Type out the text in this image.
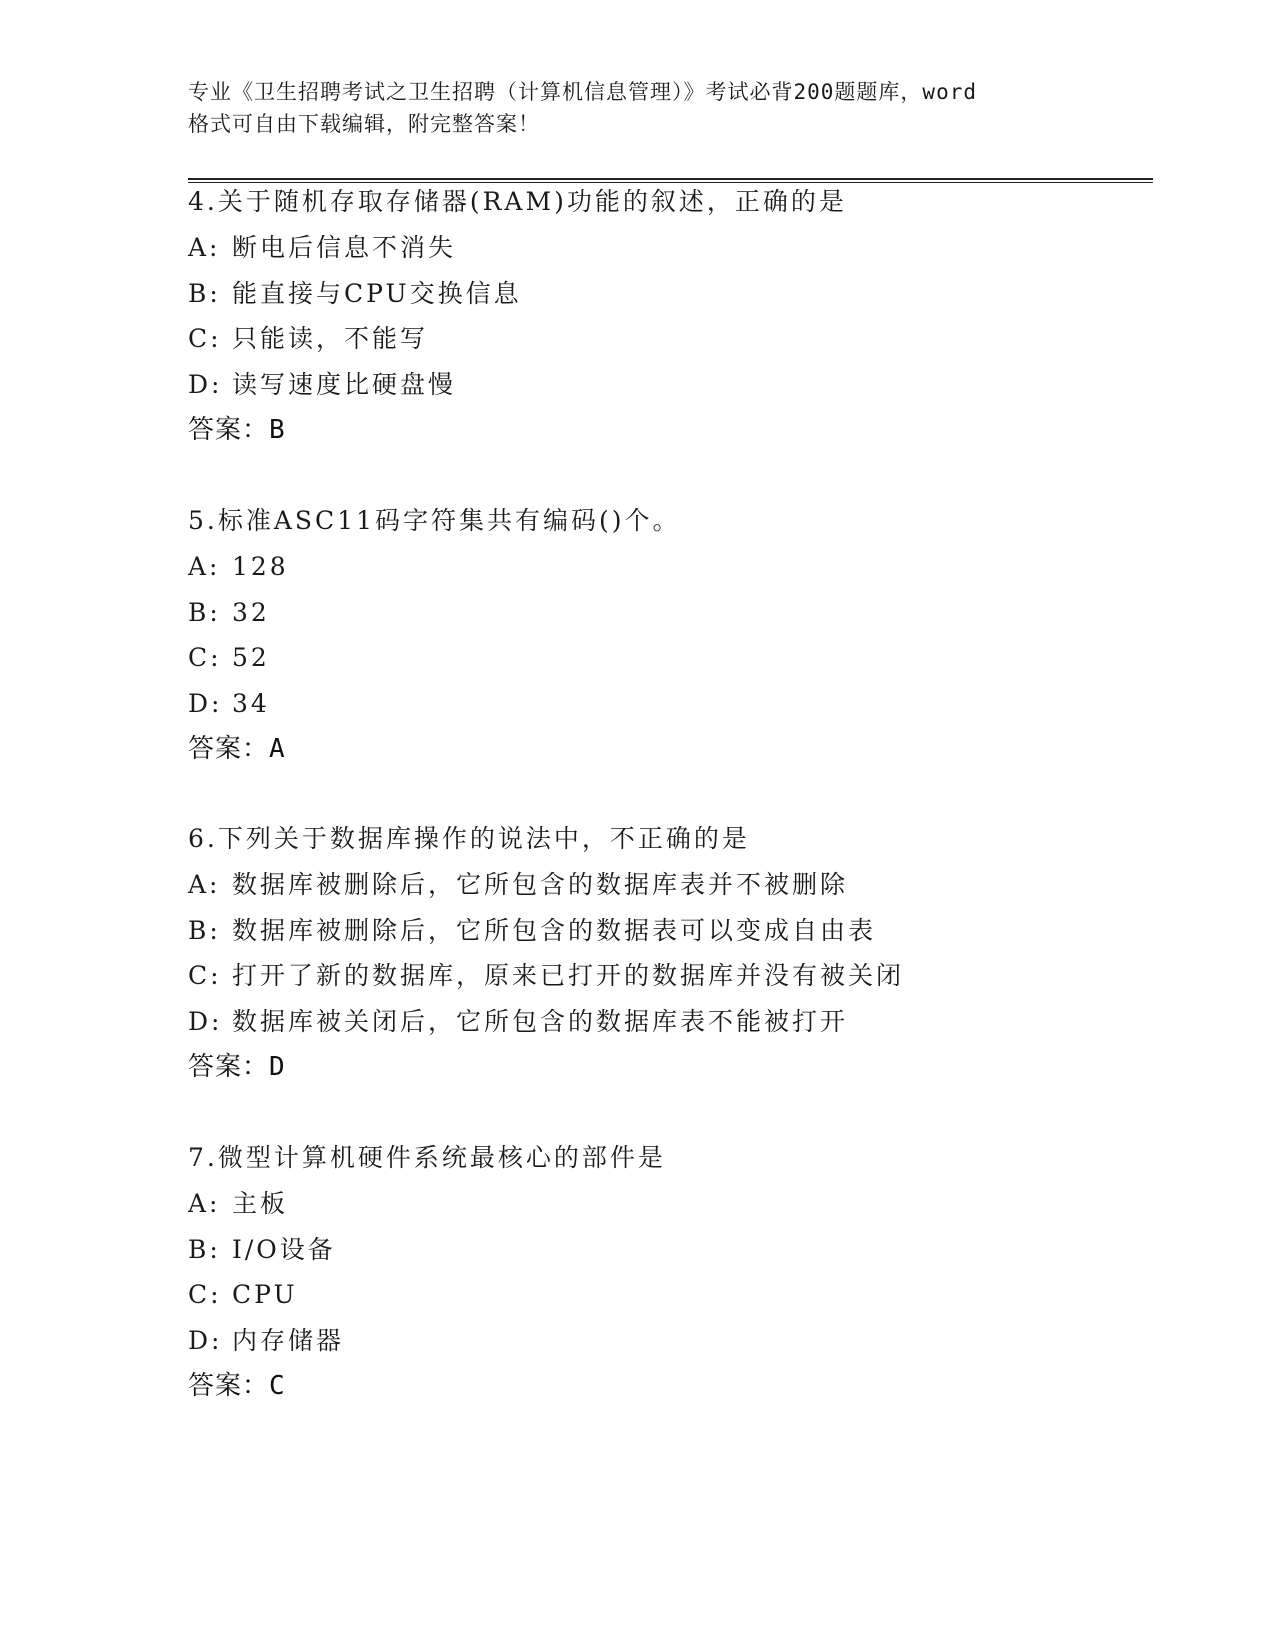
专业《卫生招聘考试之卫生招聘（计算机信息管理）》考试必背200题题库，word
格式可自由下载编辑，附完整答案！
4.关于随机存取存储器(RAM)功能的叙述，正确的是
A: 断电后信息不消失
B: 能直接与CPU交换信息
C: 只能读，不能写
D: 读写速度比硬盘慢
答案：B
5.标准ASC11码字符集共有编码()个。
A: 128
B: 32
C: 52
D: 34
答案：A
6.下列关于数据库操作的说法中，不正确的是
A: 数据库被删除后，它所包含的数据库表并不被删除
B: 数据库被删除后，它所包含的数据表可以变成自由表
C: 打开了新的数据库，原来已打开的数据库并没有被关闭
D: 数据库被关闭后，它所包含的数据库表不能被打开
答案：D
7.微型计算机硬件系统最核心的部件是
A: 主板
B: I/O设备
C: CPU
D: 内存储器
答案：C
